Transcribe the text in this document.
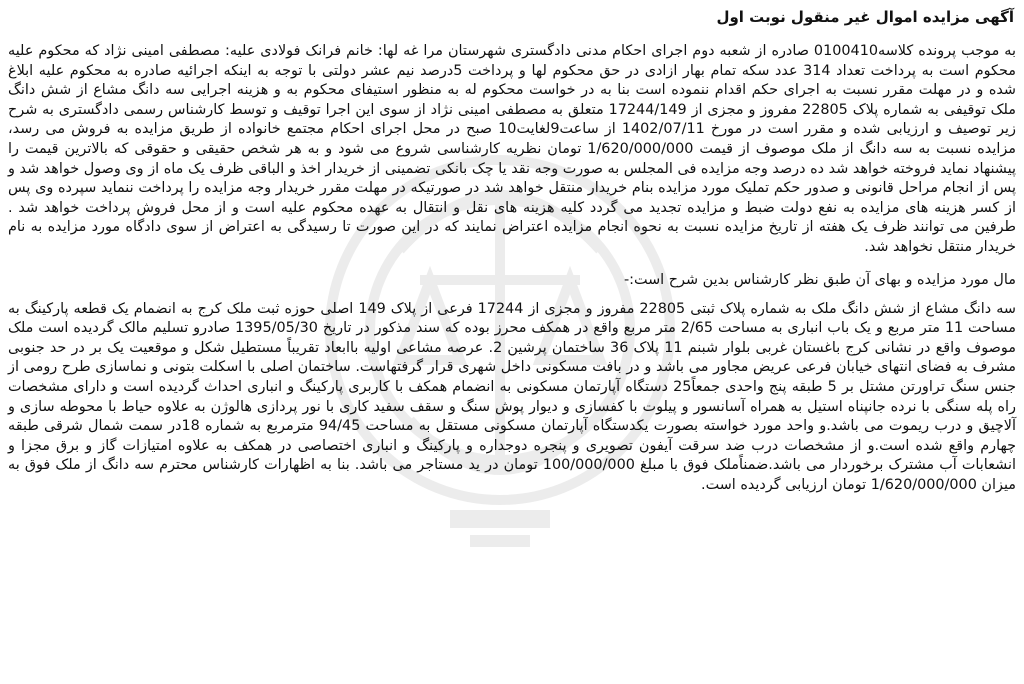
آگهی مزایده اموال غیر منقول نوبت اول

به موجب پرونده کلاسه0100410 صادره از شعبه دوم اجرای احکام مدنی دادگستری شهرستان مرا غه لها: خانم فرانک فولادی علیه: مصطفی امینی نژاد که محکوم علیه محکوم است به پرداخت تعداد 314 عدد سکه تمام بهار ازادی در حق محکوم لها و پرداخت 5درصد نیم عشر دولتی با توجه به اینکه اجرائیه صادره به محکوم علیه ابلاغ شده و در مهلت مقرر نسبت به اجرای حکم اقدام ننموده است بنا به در خواست محکوم له به منظور استیفای محکوم به و هزینه اجرایی سه دانگ مشاع از شش دانگ ملک توقیفی به شماره پلاک 22805 مفروز و مجزی از 17244/149 متعلق به مصطفی امینی نژاد از سوی این اجرا توقیف و توسط کارشناس رسمی دادگستری به شرح زیر توصیف و ارزیابی شده و مقرر است در مورخ 1402/07/11 از ساعت9لغایت10 صبح در محل اجرای احکام مجتمع خانواده از طریق مزایده به فروش می رسد، مزایده نسبت به سه دانگ از ملک موصوف از قیمت 1/620/000/000 تومان نظریه کارشناسی شروع می شود و به هر شخص حقیقی و حقوقی که بالاترین قیمت را پیشنهاد نماید فروخته خواهد شد ده درصد وجه مزایده فی المجلس به صورت وجه نقد یا چک بانکی تضمینی از خریدار اخذ و الباقی ظرف یک ماه از وی وصول خواهد شد و پس از انجام مراحل قانونی و صدور حکم تملیک مورد مزایده بنام خریدار منتقل خواهد شد در صورتیکه در مهلت مقرر خریدار وجه مزایده را پرداخت ننماید سپرده وی پس از کسر هزینه های مزایده به نفع دولت ضبط و مزایده تجدید می گردد کلیه هزینه های نقل و انتقال به عهده محکوم علیه است و از محل فروش پرداخت خواهد شد . طرفین می توانند ظرف یک هفته از تاریخ مزایده نسبت به نحوه انجام مزایده اعتراض نمایند که در این صورت تا رسیدگی به اعتراض از سوی دادگاه مورد مزایده به نام خریدار منتقل نخواهد شد.

مال مورد مزایده و بهای آن طبق نظر کارشناس بدین شرح است:-

سه دانگ مشاع از شش دانگ ملک به شماره پلاک ثبتی 22805 مفروز و مجزی از 17244 فرعی از پلاک 149 اصلی حوزه ثبت ملک کرج به انضمام یک قطعه پارکینگ به مساحت 11 متر مربع و یک باب انباری به مساحت 2/65 متر مربع واقع در همکف محرز بوده که سند مذکور در تاریخ 1395/05/30 صادرو تسلیم مالک گردیده است ملک موصوف واقع در نشانی کرج باغستان غربی بلوار شبنم 11 پلاک 36 ساختمان پرشین 2. عرصه مشاعی اولیه باابعاد تقریباً مستطیل شکل و موقعیت یک بر در حد جنوبی مشرف به فضای انتهای خیابان فرعی عریض مجاور می باشد و در بافت مسکونی داخل شهری قرار گرفتهاست. ساختمان اصلی با اسکلت بتونی و نماسازی طرح رومی از جنس سنگ تراورتن مشتل بر 5 طبقه پنج واحدی جمعاً25 دستگاه آپارتمان مسکونی به انضمام همکف با کاربری پارکینگ و انباری احداث گردیده است و دارای مشخصات راه پله سنگی با نرده جانپناه استیل به همراه آسانسور و پیلوت با کفسازی و دیوار پوش سنگ و سقف سفید کاری با نور پردازی هالوژن به علاوه حیاط با محوطه سازی و آلاچیق و درب ریموت می باشد.و واحد مورد خواسته بصورت یکدستگاه آپارتمان مسکونی مستقل به مساحت 94/45 مترمربع به شماره 18در سمت شمال شرقی طبقه چهارم واقع شده است.و از مشخصات درب ضد سرقت آیفون تصویری و پنجره دوجداره و پارکینگ و انباری اختصاصی در همکف به علاوه امتیازات گاز و برق مجزا و انشعابات آب مشترک برخوردار می باشد.ضمناًملک فوق با مبلغ 100/000/000 تومان در ید مستاجر می باشد. بنا به اظهارات کارشناس محترم سه دانگ از ملک فوق به میزان 1/620/000/000 تومان ارزیابی گردیده است.
